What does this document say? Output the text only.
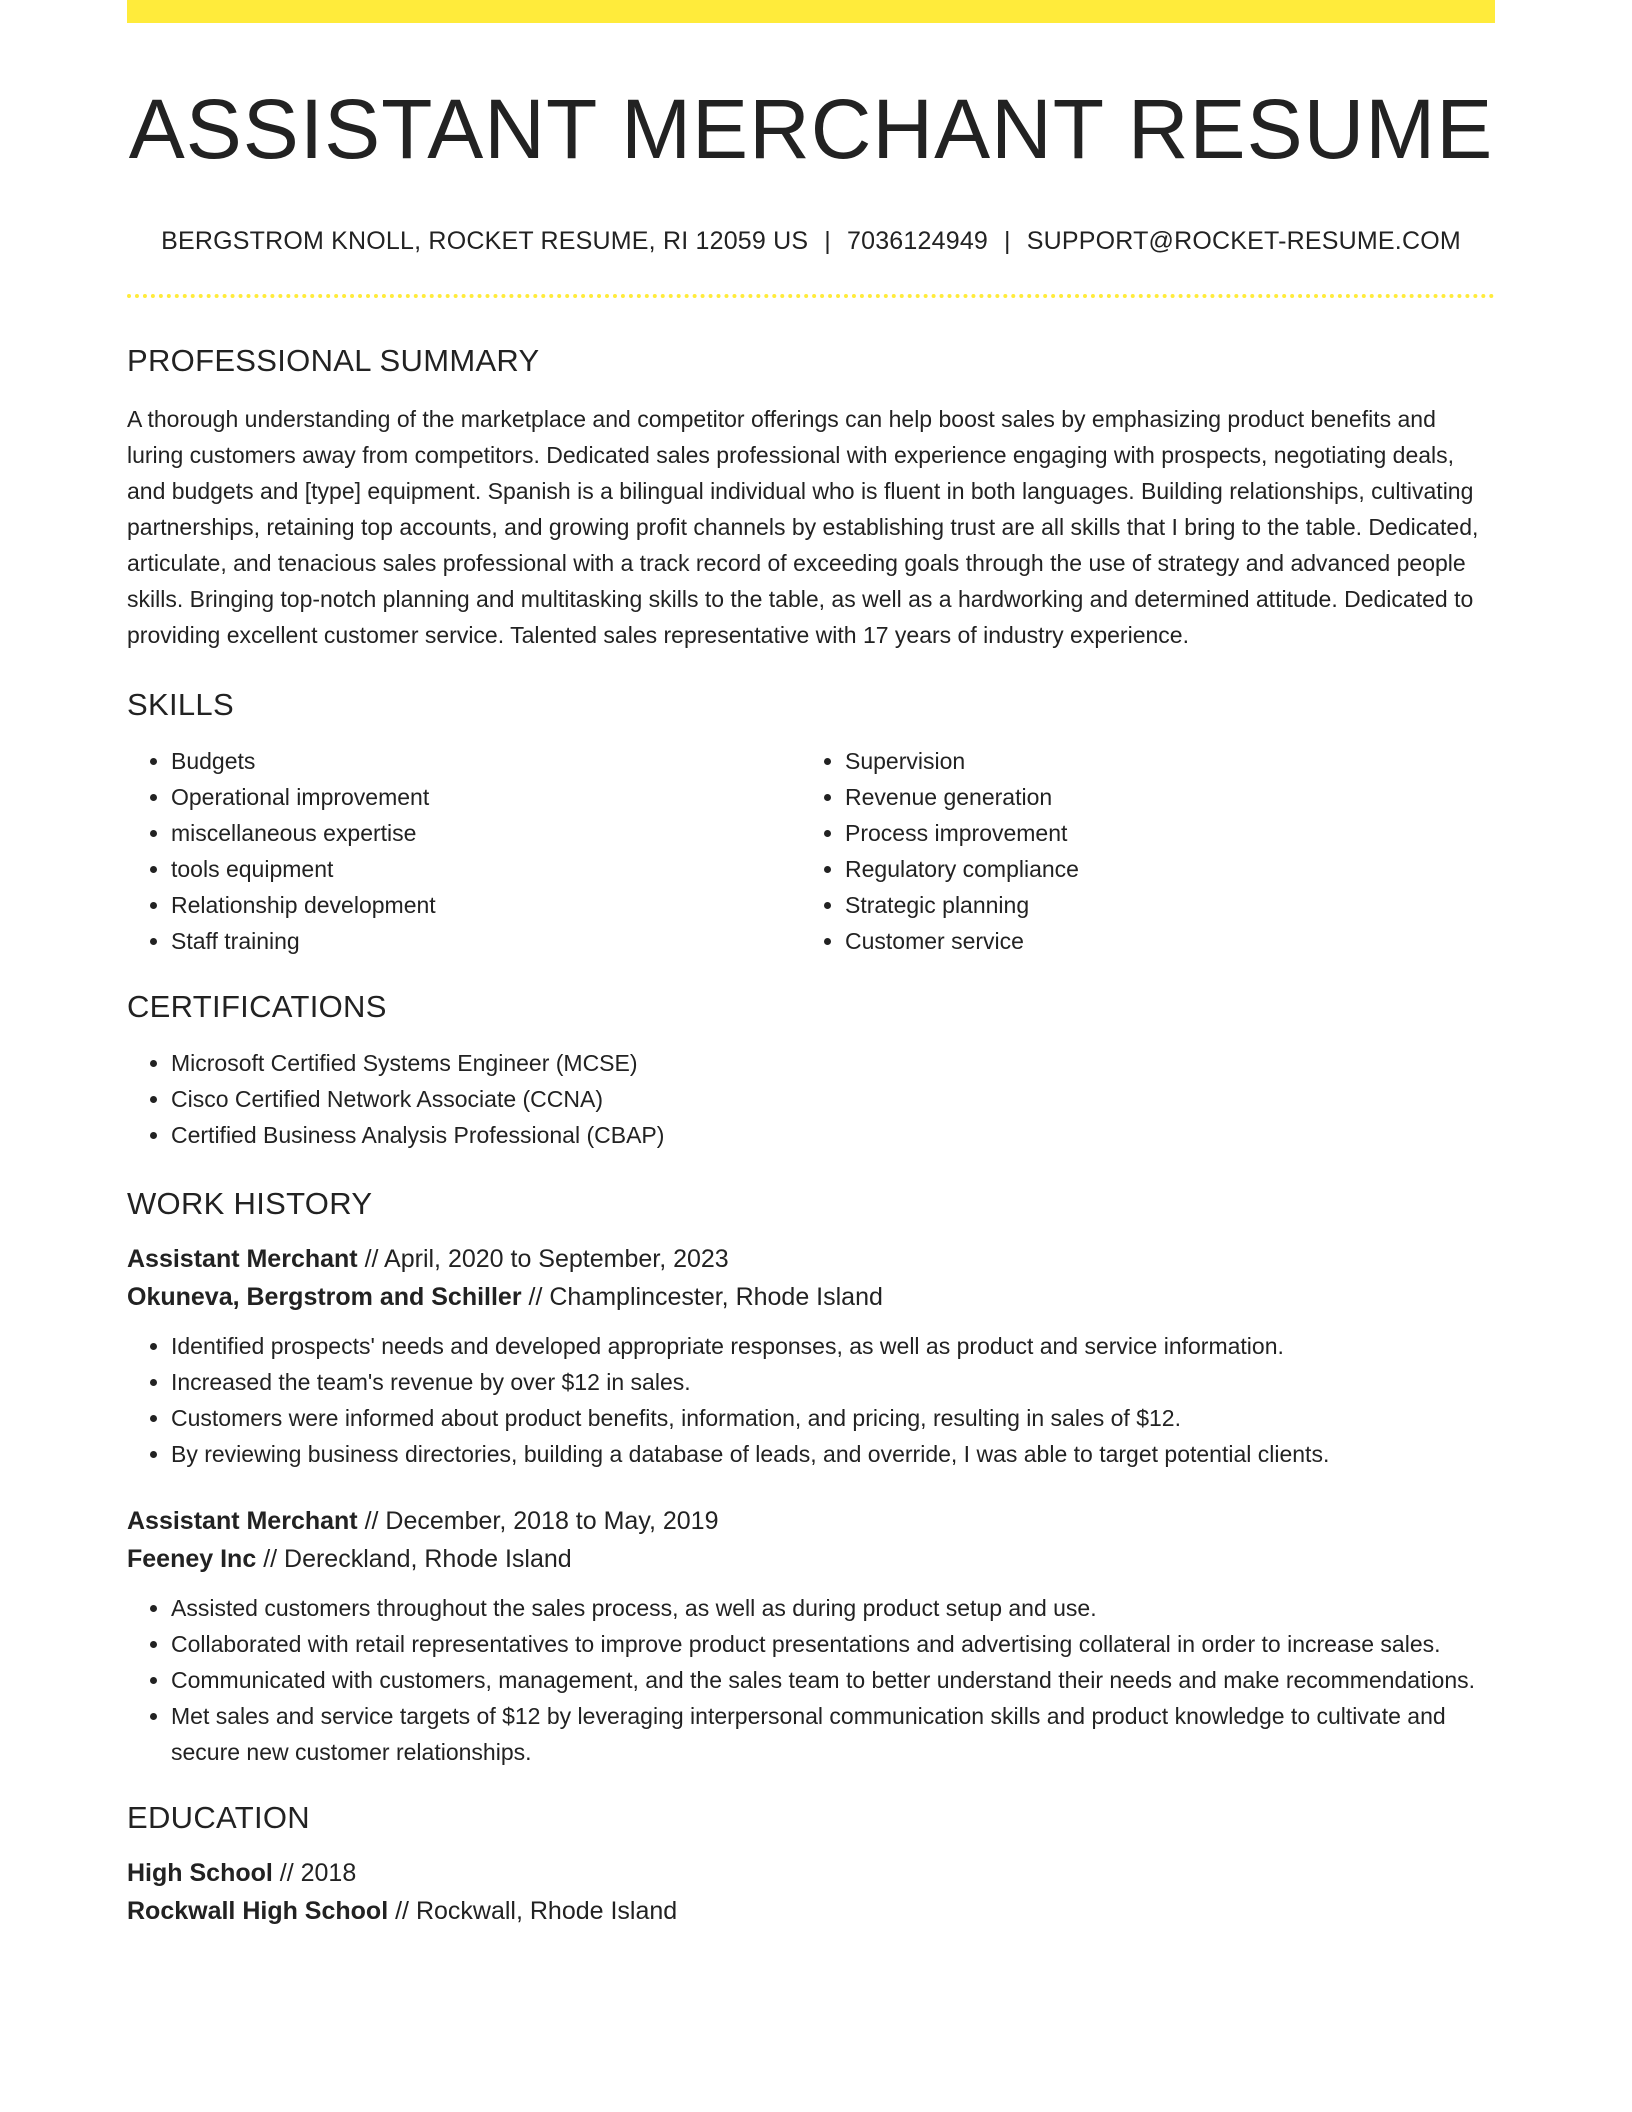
ASSISTANT MERCHANT RESUME
BERGSTROM KNOLL, ROCKET RESUME, RI 12059 US | 7036124949 | SUPPORT@ROCKET-RESUME.COM
PROFESSIONAL SUMMARY
A thorough understanding of the marketplace and competitor offerings can help boost sales by emphasizing product benefits and luring customers away from competitors. Dedicated sales professional with experience engaging with prospects, negotiating deals, and budgets and [type] equipment. Spanish is a bilingual individual who is fluent in both languages. Building relationships, cultivating partnerships, retaining top accounts, and growing profit channels by establishing trust are all skills that I bring to the table. Dedicated, articulate, and tenacious sales professional with a track record of exceeding goals through the use of strategy and advanced people skills. Bringing top-notch planning and multitasking skills to the table, as well as a hardworking and determined attitude. Dedicated to providing excellent customer service. Talented sales representative with 17 years of industry experience.
SKILLS
• Budgets
• Operational improvement
• miscellaneous expertise
• tools equipment
• Relationship development
• Staff training
• Supervision
• Revenue generation
• Process improvement
• Regulatory compliance
• Strategic planning
• Customer service
CERTIFICATIONS
• Microsoft Certified Systems Engineer (MCSE)
• Cisco Certified Network Associate (CCNA)
• Certified Business Analysis Professional (CBAP)
WORK HISTORY
Assistant Merchant // April, 2020 to September, 2023
Okuneva, Bergstrom and Schiller // Champlincester, Rhode Island
• Identified prospects' needs and developed appropriate responses, as well as product and service information.
• Increased the team's revenue by over $12 in sales.
• Customers were informed about product benefits, information, and pricing, resulting in sales of $12.
• By reviewing business directories, building a database of leads, and override, I was able to target potential clients.
Assistant Merchant // December, 2018 to May, 2019
Feeney Inc // Dereckland, Rhode Island
• Assisted customers throughout the sales process, as well as during product setup and use.
• Collaborated with retail representatives to improve product presentations and advertising collateral in order to increase sales.
• Communicated with customers, management, and the sales team to better understand their needs and make recommendations.
• Met sales and service targets of $12 by leveraging interpersonal communication skills and product knowledge to cultivate and secure new customer relationships.
EDUCATION
High School // 2018
Rockwall High School // Rockwall, Rhode Island
